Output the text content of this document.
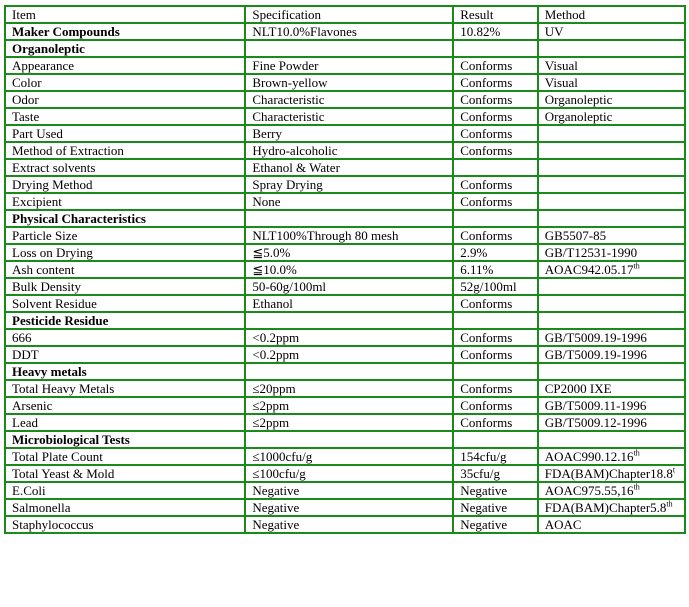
Item	Specification	Result	Method
Maker Compounds	NLT10.0%Flavones	10.82%	UV
Organoleptic			
Appearance	Fine Powder	Conforms	Visual
Color	Brown-yellow	Conforms	Visual
Odor	Characteristic	Conforms	Organoleptic
Taste	Characteristic	Conforms	Organoleptic
Part Used	Berry	Conforms	
Method of Extraction	Hydro-alcoholic	Conforms	
Extract solvents	Ethanol & Water		
Drying Method	Spray Drying	Conforms	
Excipient	None	Conforms	
Physical Characteristics			
Particle Size	NLT100%Through 80 mesh	Conforms	GB5507-85
Loss on Drying	≦5.0%	2.9%	GB/T12531-1990
Ash content	≦10.0%	6.11%	AOAC942.05.17th
Bulk Density	50-60g/100ml	52g/100ml	
Solvent Residue	Ethanol	Conforms	
Pesticide Residue			
666	<0.2ppm	Conforms	GB/T5009.19-1996
DDT	<0.2ppm	Conforms	GB/T5009.19-1996
Heavy metals			
Total Heavy Metals	≤20ppm	Conforms	CP2000 IXE
Arsenic	≤2ppm	Conforms	GB/T5009.11-1996
Lead	≤2ppm	Conforms	GB/T5009.12-1996
Microbiological Tests			
Total Plate Count	≤1000cfu/g	154cfu/g	AOAC990.12.16th
Total Yeast & Mold	≤100cfu/g	35cfu/g	FDA(BAM)Chapter18.8$^t$
E.Coli	Negative	Negative	AOAC975.55,16th
Salmonella	Negative	Negative	FDA(BAM)Chapter5.8th
Staphylococcus	Negative	Negative	AOAC
